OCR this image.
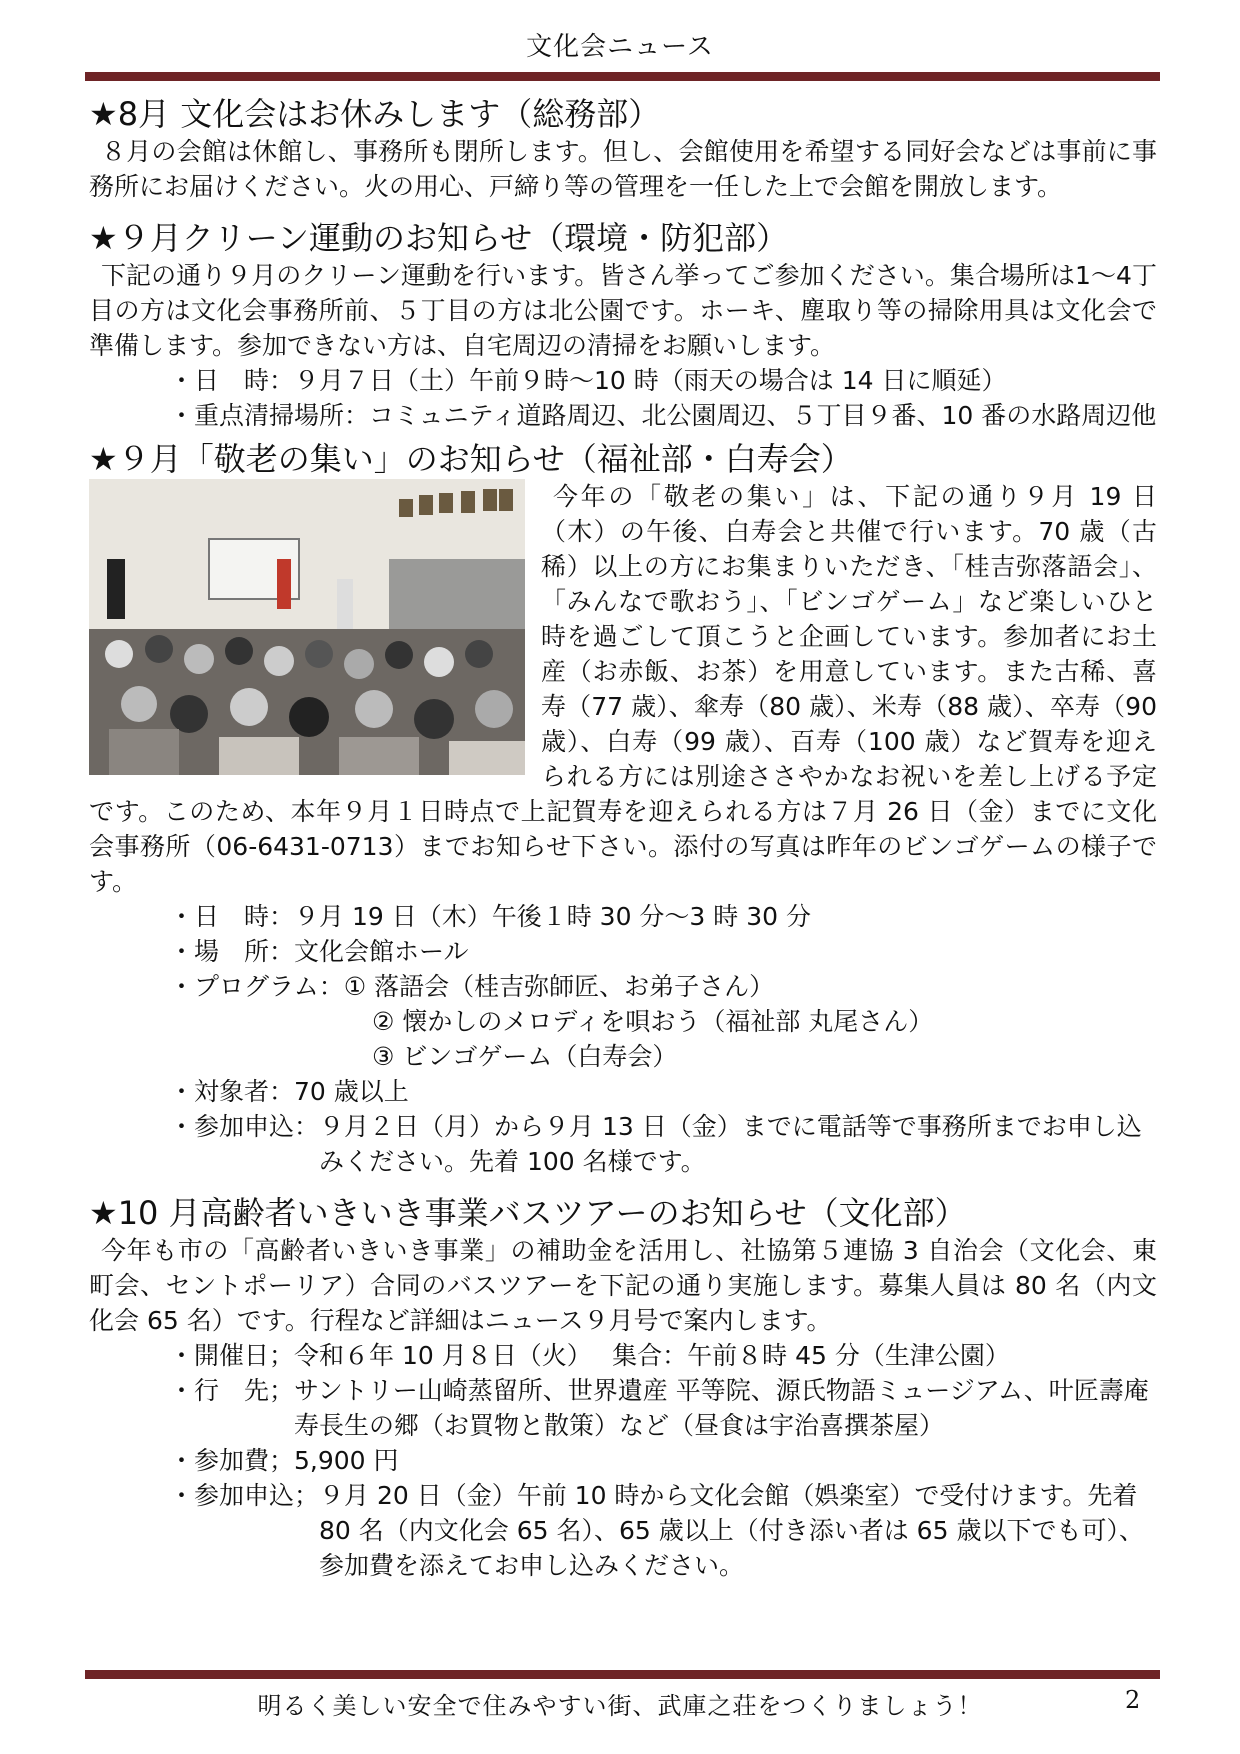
文化会ニュース
★8月 文化会はお休みします（総務部）

８月の会館は休館し、事務所も閉所します。但し、会館使用を希望する同好会などは事前に事務所にお届けください。火の用心、戸締り等の管理を一任した上で会館を開放します。

★９月クリーン運動のお知らせ（環境・防犯部）

下記の通り９月のクリーン運動を行います。皆さん挙ってご参加ください。集合場所は1～4丁目の方は文化会事務所前、５丁目の方は北公園です。ホーキ、塵取り等の掃除用具は文化会で準備します。参加できない方は、自宅周辺の清掃をお願いします。

・日　時： ９月７日（土）午前９時～10 時（雨天の場合は 14 日に順延）
・重点清掃場所： コミュニティ道路周辺、北公園周辺、５丁目９番、10 番の水路周辺他
★９月「敬老の集い」のお知らせ（福祉部・白寿会）

今年の「敬老の集い」は、下記の通り９月 19 日（木）の午後、白寿会と共催で行います。70 歳（古稀）以上の方にお集まりいただき、「桂吉弥落語会」、「みんなで歌おう」、「ビンゴゲーム」など楽しいひと時を過ごして頂こうと企画しています。参加者にお土産（お赤飯、お茶）を用意しています。また古稀、喜寿（77 歳）、傘寿（80 歳）、米寿（88 歳）、卒寿（90 歳）、白寿（99 歳）、百寿（100 歳）など賀寿を迎えられる方には別途ささやかなお祝いを差し上げる予定です。このため、本年９月１日時点で上記賀寿を迎えられる方は７月 26 日（金）までに文化会事務所（06-6431-0713）までお知らせ下さい。添付の写真は昨年のビンゴゲームの様子です。

・日　時： ９月 19 日（木）午後１時 30 分～3 時 30 分
・場　所： 文化会館ホール
・プログラム： ① 落語会（桂吉弥師匠、お弟子さん）
② 懐かしのメロディを唄おう（福祉部 丸尾さん）
③ ビンゴゲーム（白寿会）
・対象者： 70 歳以上
・参加申込： ９月２日（月）から９月 13 日（金）までに電話等で事務所までお申し込みください。先着 100 名様です。
★10 月高齢者いきいき事業バスツアーのお知らせ（文化部）

今年も市の「高齢者いきいき事業」の補助金を活用し、社協第５連協 3 自治会（文化会、東町会、セントポーリア）合同のバスツアーを下記の通り実施します。募集人員は 80 名（内文化会 65 名）です。行程など詳細はニュース９月号で案内します。

・開催日； 令和６年 10 月８日（火）　 集合：午前８時 45 分（生津公園）
・行　先； サントリー山崎蒸留所、世界遺産 平等院、源氏物語ミュージアム、叶匠壽庵 寿長生の郷（お買物と散策）など（昼食は宇治喜撰茶屋）
・参加費； 5,900 円
・参加申込； ９月 20 日（金）午前 10 時から文化会館（娯楽室）で受付けます。先着 80 名（内文化会 65 名）、65 歳以上（付き添い者は 65 歳以下でも可）、参加費を添えてお申し込みください。
明るく美しい安全で住みやすい街、武庫之荘をつくりましょう！	2
